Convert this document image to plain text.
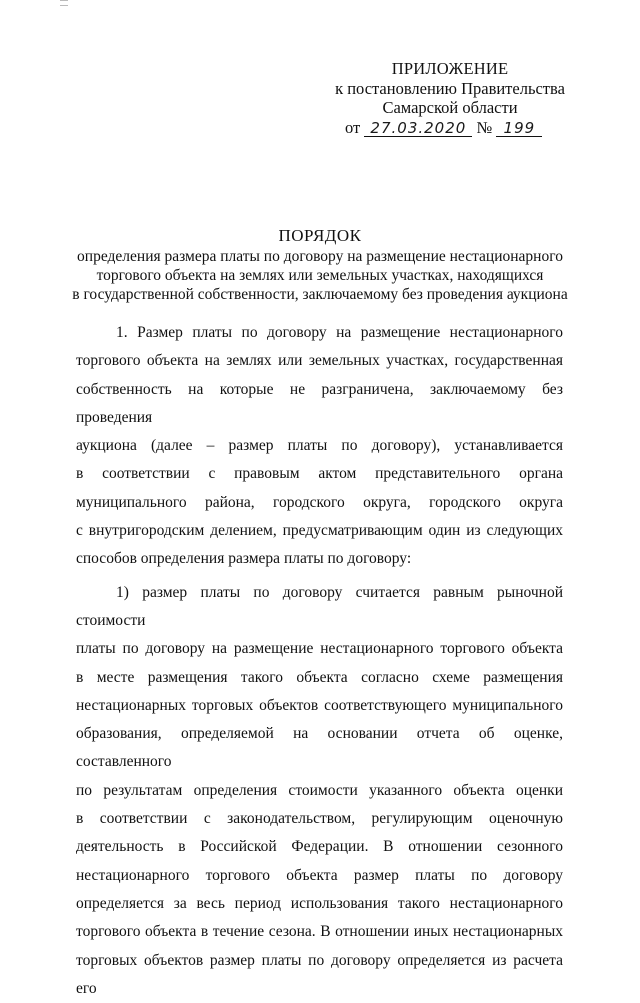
ПРИЛОЖЕНИЕ
к постановлению Правительства
Самарской области
от 27.03.2020 № 199
ПОРЯДОК
определения размера платы по договору на размещение нестационарного
торгового объекта на землях или земельных участках, находящихся
в государственной собственности, заключаемому без проведения аукциона

1. Размер платы по договору на размещение нестационарного

торгового объекта на землях или земельных участках, государственная

собственность на которые не разграничена, заключаемому без проведения

аукциона (далее – размер платы по договору), устанавливается

в соответствии с правовым актом представительного органа

муниципального района, городского округа, городского округа

с внутригородским делением, предусматривающим один из следующих

способов определения размера платы по договору:

1) размер платы по договору считается равным рыночной стоимости

платы по договору на размещение нестационарного торгового объекта

в месте размещения такого объекта согласно схеме размещения

нестационарных торговых объектов соответствующего муниципального

образования, определяемой на основании отчета об оценке, составленного

по результатам определения стоимости указанного объекта оценки

в соответствии с законодательством, регулирующим оценочную

деятельность в Российской Федерации. В отношении сезонного

нестационарного торгового объекта размер платы по договору

определяется за весь период использования такого нестационарного

торгового объекта в течение сезона. В отношении иных нестационарных

торговых объектов размер платы по договору определяется из расчета его
